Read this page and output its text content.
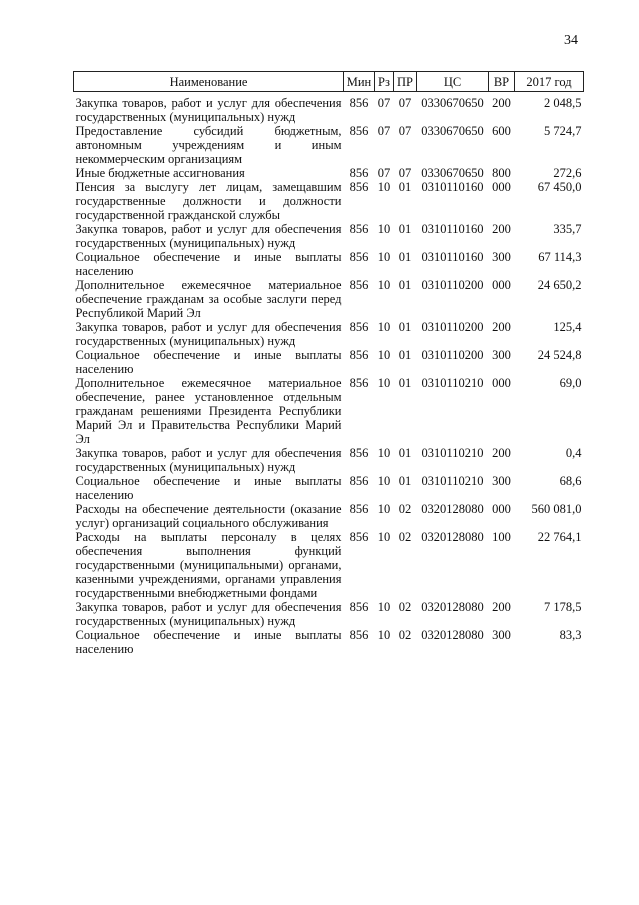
34
Наименование	Мин	Рз	ПР	ЦС	ВР	2017 год
Закупка товаров, работ и услуг для обеспечения государственных (муниципальных) нужд	856	07	07	0330670650	200	2 048,5
Предоставление субсидий бюджетным, автономным учреждениям и иным некоммерческим организациям	856	07	07	0330670650	600	5 724,7
Иные бюджетные ассигнования	856	07	07	0330670650	800	272,6
Пенсия за выслугу лет лицам, замещавшим государственные должности и должности государственной гражданской службы	856	10	01	0310110160	000	67 450,0
Закупка товаров, работ и услуг для обеспечения государственных (муниципальных) нужд	856	10	01	0310110160	200	335,7
Социальное обеспечение и иные выплаты населению	856	10	01	0310110160	300	67 114,3
Дополнительное ежемесячное материальное обеспечение гражданам за особые заслуги перед Республикой Марий Эл	856	10	01	0310110200	000	24 650,2
Закупка товаров, работ и услуг для обеспечения государственных (муниципальных) нужд	856	10	01	0310110200	200	125,4
Социальное обеспечение и иные выплаты населению	856	10	01	0310110200	300	24 524,8
Дополнительное ежемесячное материальное обеспечение, ранее установленное отдельным гражданам решениями Президента Республики Марий Эл и Правительства Республики Марий Эл	856	10	01	0310110210	000	69,0
Закупка товаров, работ и услуг для обеспечения государственных (муниципальных) нужд	856	10	01	0310110210	200	0,4
Социальное обеспечение и иные выплаты населению	856	10	01	0310110210	300	68,6
Расходы на обеспечение деятельности (оказание услуг) организаций социального обслуживания	856	10	02	0320128080	000	560 081,0
Расходы на выплаты персоналу в целях обеспечения выполнения функций государственными (муниципальными) органами, казенными учреждениями, органами управления государственными внебюджетными фондами	856	10	02	0320128080	100	22 764,1
Закупка товаров, работ и услуг для обеспечения государственных (муниципальных) нужд	856	10	02	0320128080	200	7 178,5
Социальное обеспечение и иные выплаты населению	856	10	02	0320128080	300	83,3
